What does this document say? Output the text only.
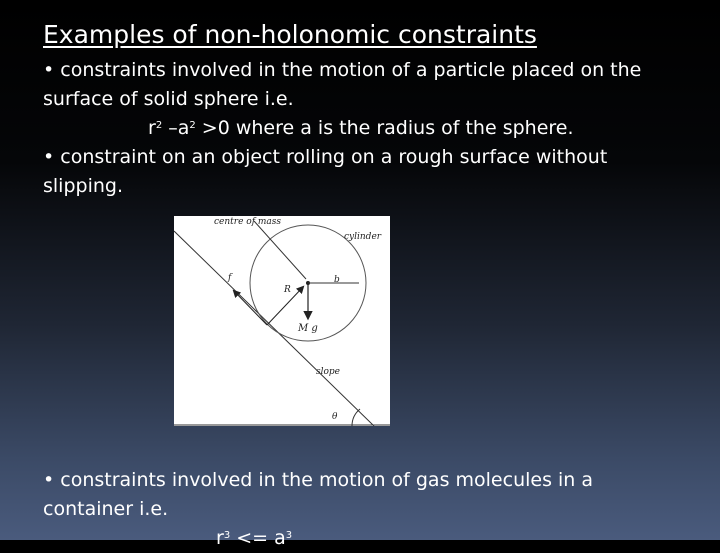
Examples of non-holonomic constraints
• constraints involved in the motion of a particle placed on the
surface of solid sphere i.e.
$r^2$ $-a^2 >0$ where a is the radius of the sphere.
• constraint on an object rolling on a rough surface without
slipping.
centre of mass
cylinder
f
R
b
M g
slope
θ
• constraints involved in the motion of gas molecules in a
container i.e.
$r^3 <= a^3$
